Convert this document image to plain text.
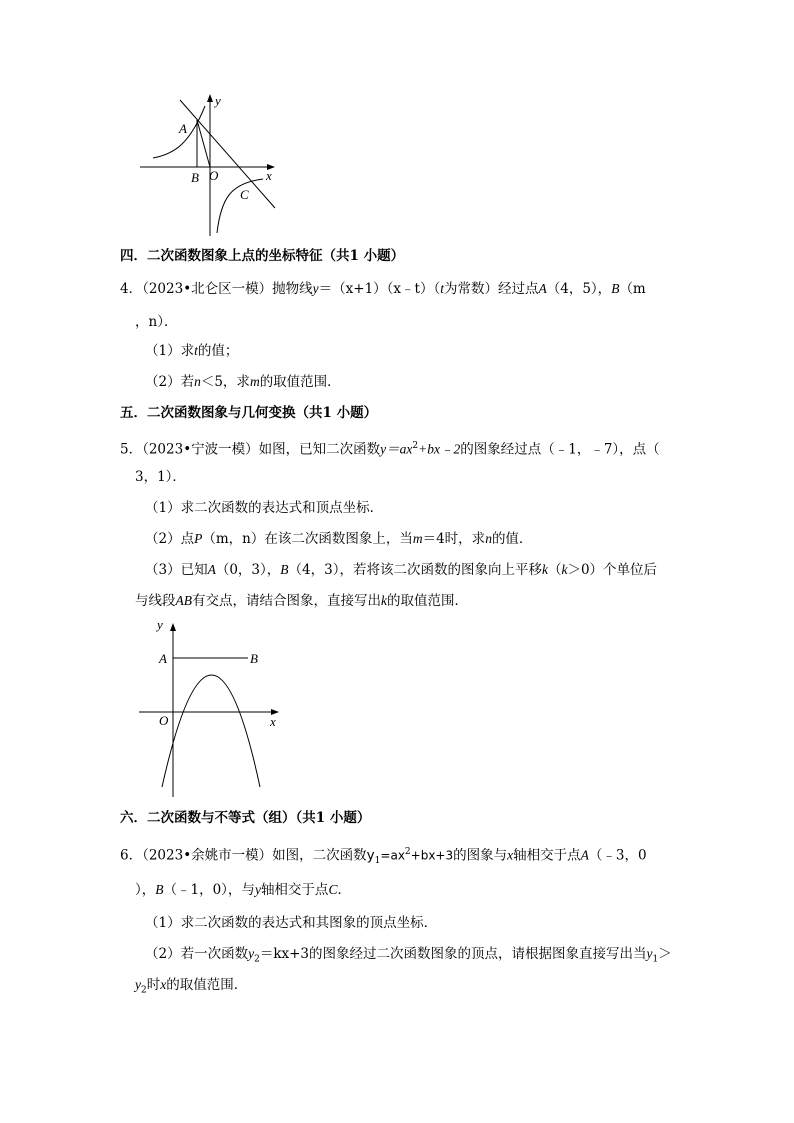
A
B O
C
x
y
四．二次函数图象上点的坐标特征（共1 小题）
4．（2023•北仑区一模）抛物线y＝（x+1）（x﹣t）（t为常数）经过点A（4，5），B（m
，n）．
（1）求t的值；
（2）若n＜5，求m的取值范围．
五．二次函数图象与几何变换（共1 小题）
5．（2023•宁波一模）如图，已知二次函数$y=ax^2+bx﹣2$的图象经过点（﹣1，﹣7），点（
3，1）．
（1）求二次函数的表达式和顶点坐标．
（2）点P（m，n）在该二次函数图象上，当m＝4时，求n的值．
（3）已知A（0，3），B（4，3），若将该二次函数的图象向上平移k（k＞0）个单位后
与线段AB有交点，请结合图象，直接写出k的取值范围．
y
A	B
O	x
六．二次函数与不等式（组）（共1 小题）
6．（2023•余姚市一模）如图，二次函数$y_1=ax^2+bx+3$的图象与x轴相交于点A（﹣3，0
），B（﹣1，0），与y轴相交于点C．
（1）求二次函数的表达式和其图象的顶点坐标．
（2）若一次函数$y_2=kx+3$的图象经过二次函数图象的顶点，请根据图象直接写出当$y_1>$
$y_2$时x的取值范围．
